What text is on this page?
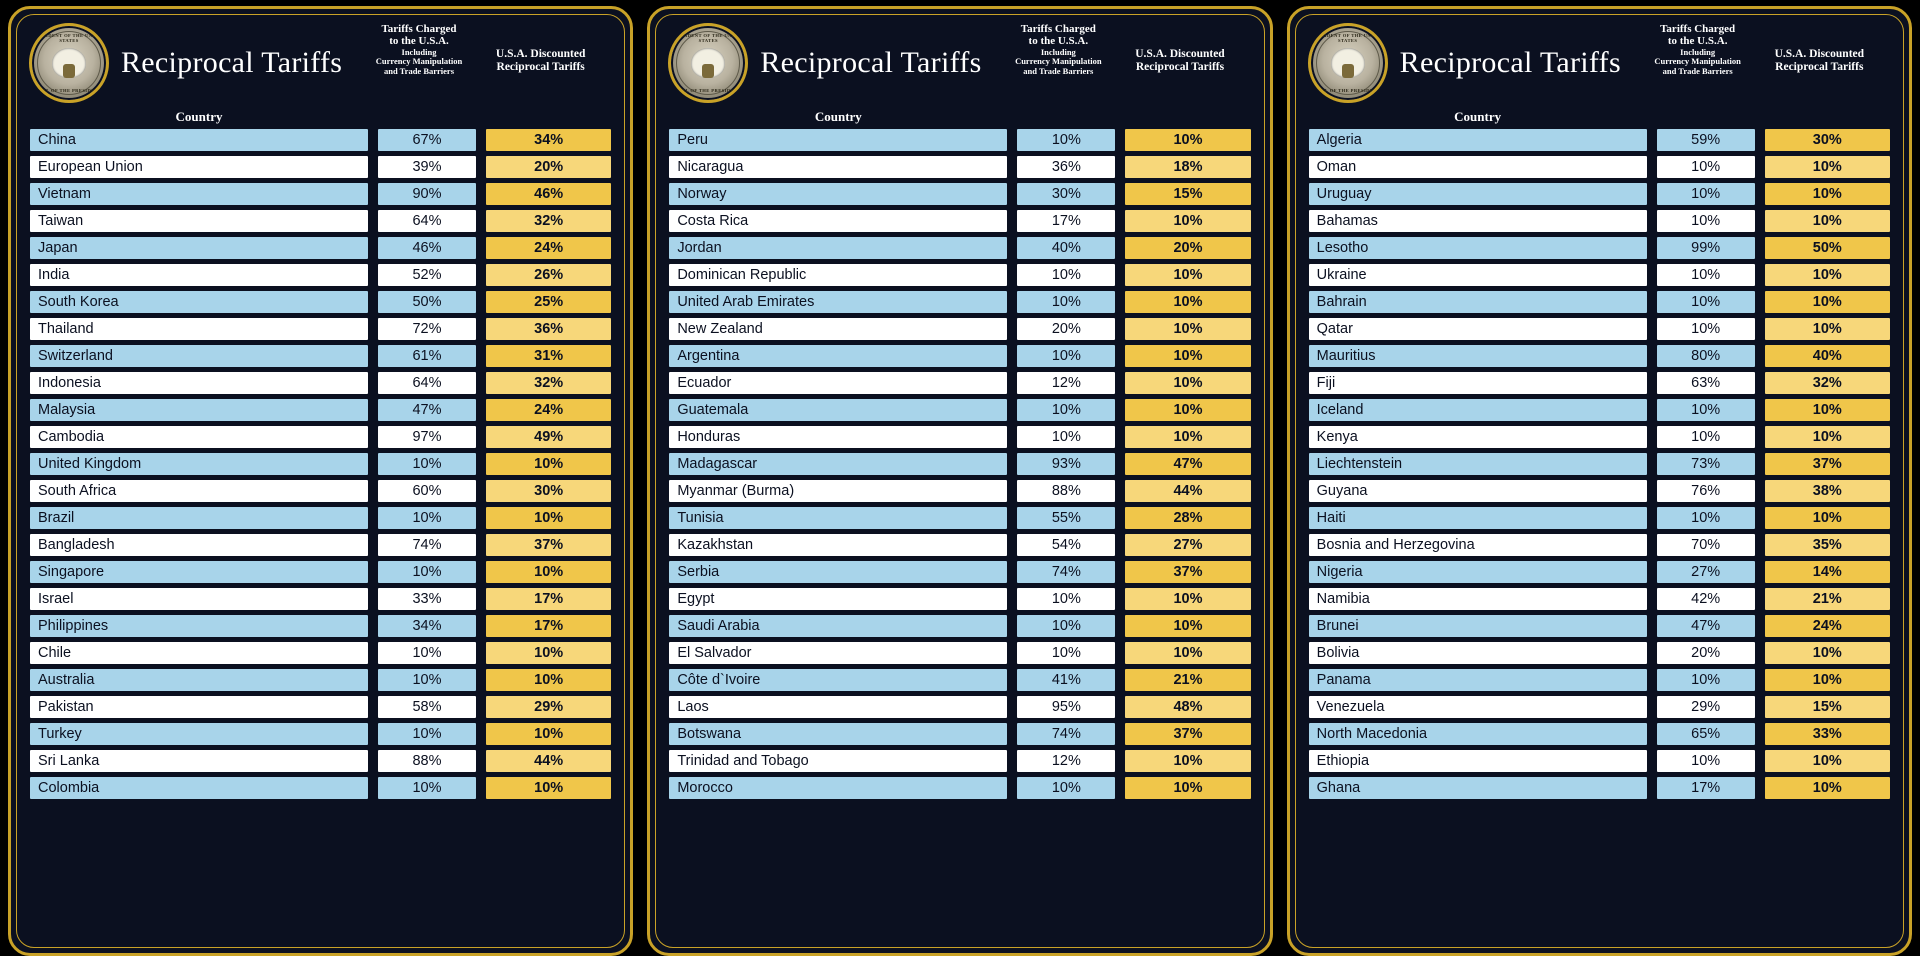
PRESIDENT OF THE UNITED STATES
SEAL OF THE PRESIDENT
Reciprocal Tariffs
Tariffs Charged
to the U.S.A.
Including
Currency Manipulation
and Trade Barriers
U.S.A. Discounted
Reciprocal Tariffs
Country
China	67%	34%
European Union	39%	20%
Vietnam	90%	46%
Taiwan	64%	32%
Japan	46%	24%
India	52%	26%
South Korea	50%	25%
Thailand	72%	36%
Switzerland	61%	31%
Indonesia	64%	32%
Malaysia	47%	24%
Cambodia	97%	49%
United Kingdom	10%	10%
South Africa	60%	30%
Brazil	10%	10%
Bangladesh	74%	37%
Singapore	10%	10%
Israel	33%	17%
Philippines	34%	17%
Chile	10%	10%
Australia	10%	10%
Pakistan	58%	29%
Turkey	10%	10%
Sri Lanka	88%	44%
Colombia	10%	10%
PRESIDENT OF THE UNITED STATES
SEAL OF THE PRESIDENT
Reciprocal Tariffs
Tariffs Charged
to the U.S.A.
Including
Currency Manipulation
and Trade Barriers
U.S.A. Discounted
Reciprocal Tariffs
Country
Peru	10%	10%
Nicaragua	36%	18%
Norway	30%	15%
Costa Rica	17%	10%
Jordan	40%	20%
Dominican Republic	10%	10%
United Arab Emirates	10%	10%
New Zealand	20%	10%
Argentina	10%	10%
Ecuador	12%	10%
Guatemala	10%	10%
Honduras	10%	10%
Madagascar	93%	47%
Myanmar (Burma)	88%	44%
Tunisia	55%	28%
Kazakhstan	54%	27%
Serbia	74%	37%
Egypt	10%	10%
Saudi Arabia	10%	10%
El Salvador	10%	10%
Côte d`Ivoire	41%	21%
Laos	95%	48%
Botswana	74%	37%
Trinidad and Tobago	12%	10%
Morocco	10%	10%
PRESIDENT OF THE UNITED STATES
SEAL OF THE PRESIDENT
Reciprocal Tariffs
Tariffs Charged
to the U.S.A.
Including
Currency Manipulation
and Trade Barriers
U.S.A. Discounted
Reciprocal Tariffs
Country
Algeria	59%	30%
Oman	10%	10%
Uruguay	10%	10%
Bahamas	10%	10%
Lesotho	99%	50%
Ukraine	10%	10%
Bahrain	10%	10%
Qatar	10%	10%
Mauritius	80%	40%
Fiji	63%	32%
Iceland	10%	10%
Kenya	10%	10%
Liechtenstein	73%	37%
Guyana	76%	38%
Haiti	10%	10%
Bosnia and Herzegovina	70%	35%
Nigeria	27%	14%
Namibia	42%	21%
Brunei	47%	24%
Bolivia	20%	10%
Panama	10%	10%
Venezuela	29%	15%
North Macedonia	65%	33%
Ethiopia	10%	10%
Ghana	17%	10%
